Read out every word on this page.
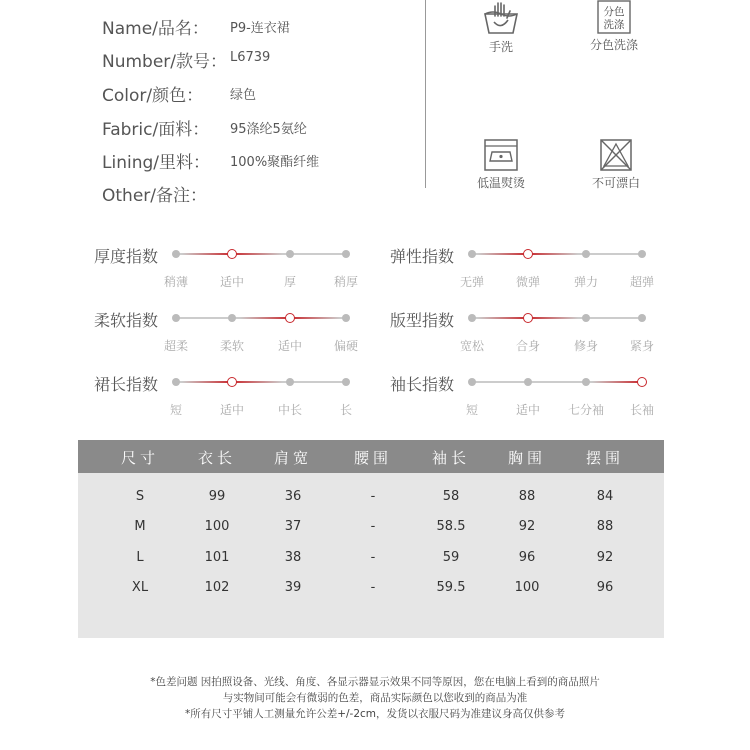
Name/品名： P9-连衣裙
Number/款号： L6739
Color/颜色： 绿色
Fabric/面料： 95涤纶5氨纶
Lining/里料： 100%聚酯纤维
Other/备注：
手洗
分色
洗涤
分色洗涤
低温熨烫	不可漂白
厚度指数
稍薄	适中	厚	稍厚
弹性指数
无弹	微弹	弹力	超弹
柔软指数
超柔	柔软	适中	偏硬
版型指数
宽松	合身	修身	紧身
裙长指数
短	适中	中长	长
袖长指数
短	适中 七分袖 长袖
尺寸	衣长	肩宽	腰围	袖长	胸围	摆围
S	99	36	-	58	88	84
M	100	37	-	58.5	92	88
L	101	38	-	59	96	92
XL	102	39	-	59.5	100	96
*色差问题 因拍照设备、光线、角度、各显示器显示效果不同等原因，您在电脑上看到的商品照片
与实物间可能会有微弱的色差，商品实际颜色以您收到的商品为准
*所有尺寸平铺人工测量允许公差+/-2cm，发货以衣服尺码为准建议身高仅供参考
